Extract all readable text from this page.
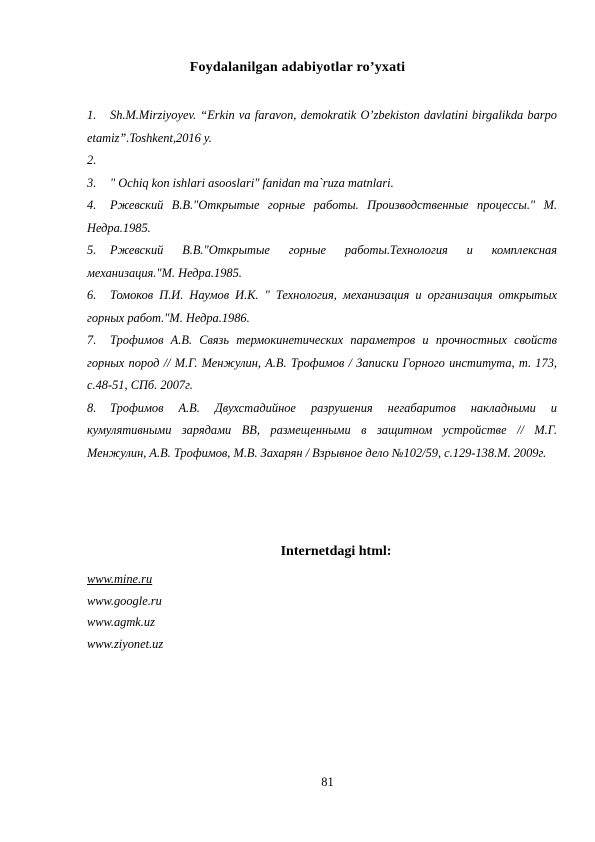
Foydalanilgan adabiyotlar ro’yxati
1. Sh.M.Mirziyoyev. “Erkin va faravon, demokratik O’zbekiston davlatini birgalikda barpo etamiz”.Toshkent,2016 y.
2.
3. " Ochiq kon ishlari asooslari" fanidan ma`ruza matnlari.
4. Ржевский В.В."Открытые горные работы. Производственные процессы." М. Недра.1985.
5. Ржевский В.В."Открытые горные работы.Технология и комплексная механизация."М. Недра.1985.
6. Томоков П.И. Наумов И.К. " Технология, механизация и организация открытых горных работ."М. Недра.1986.
7. Трофимов А.В. Связь термокинетических параметров и прочностных свойств горных пород // М.Г. Менжулин, А.В. Трофимов / Записки Горного института, т. 173, с.48-51, СПб. 2007г.
8. Трофимов А.В. Двухстадийное разрушения негабаритов накладными и кумулятивными зарядами ВВ, размещенными в защитном устройстве // М.Г. Менжулин, А.В. Трофимов, М.В. Захарян / Взрывное дело №102/59, с.129-138.М. 2009г.
Internetdagi html:
www.mine.ru
www.google.ru
www.agmk.uz
www.ziyonet.uz
81
